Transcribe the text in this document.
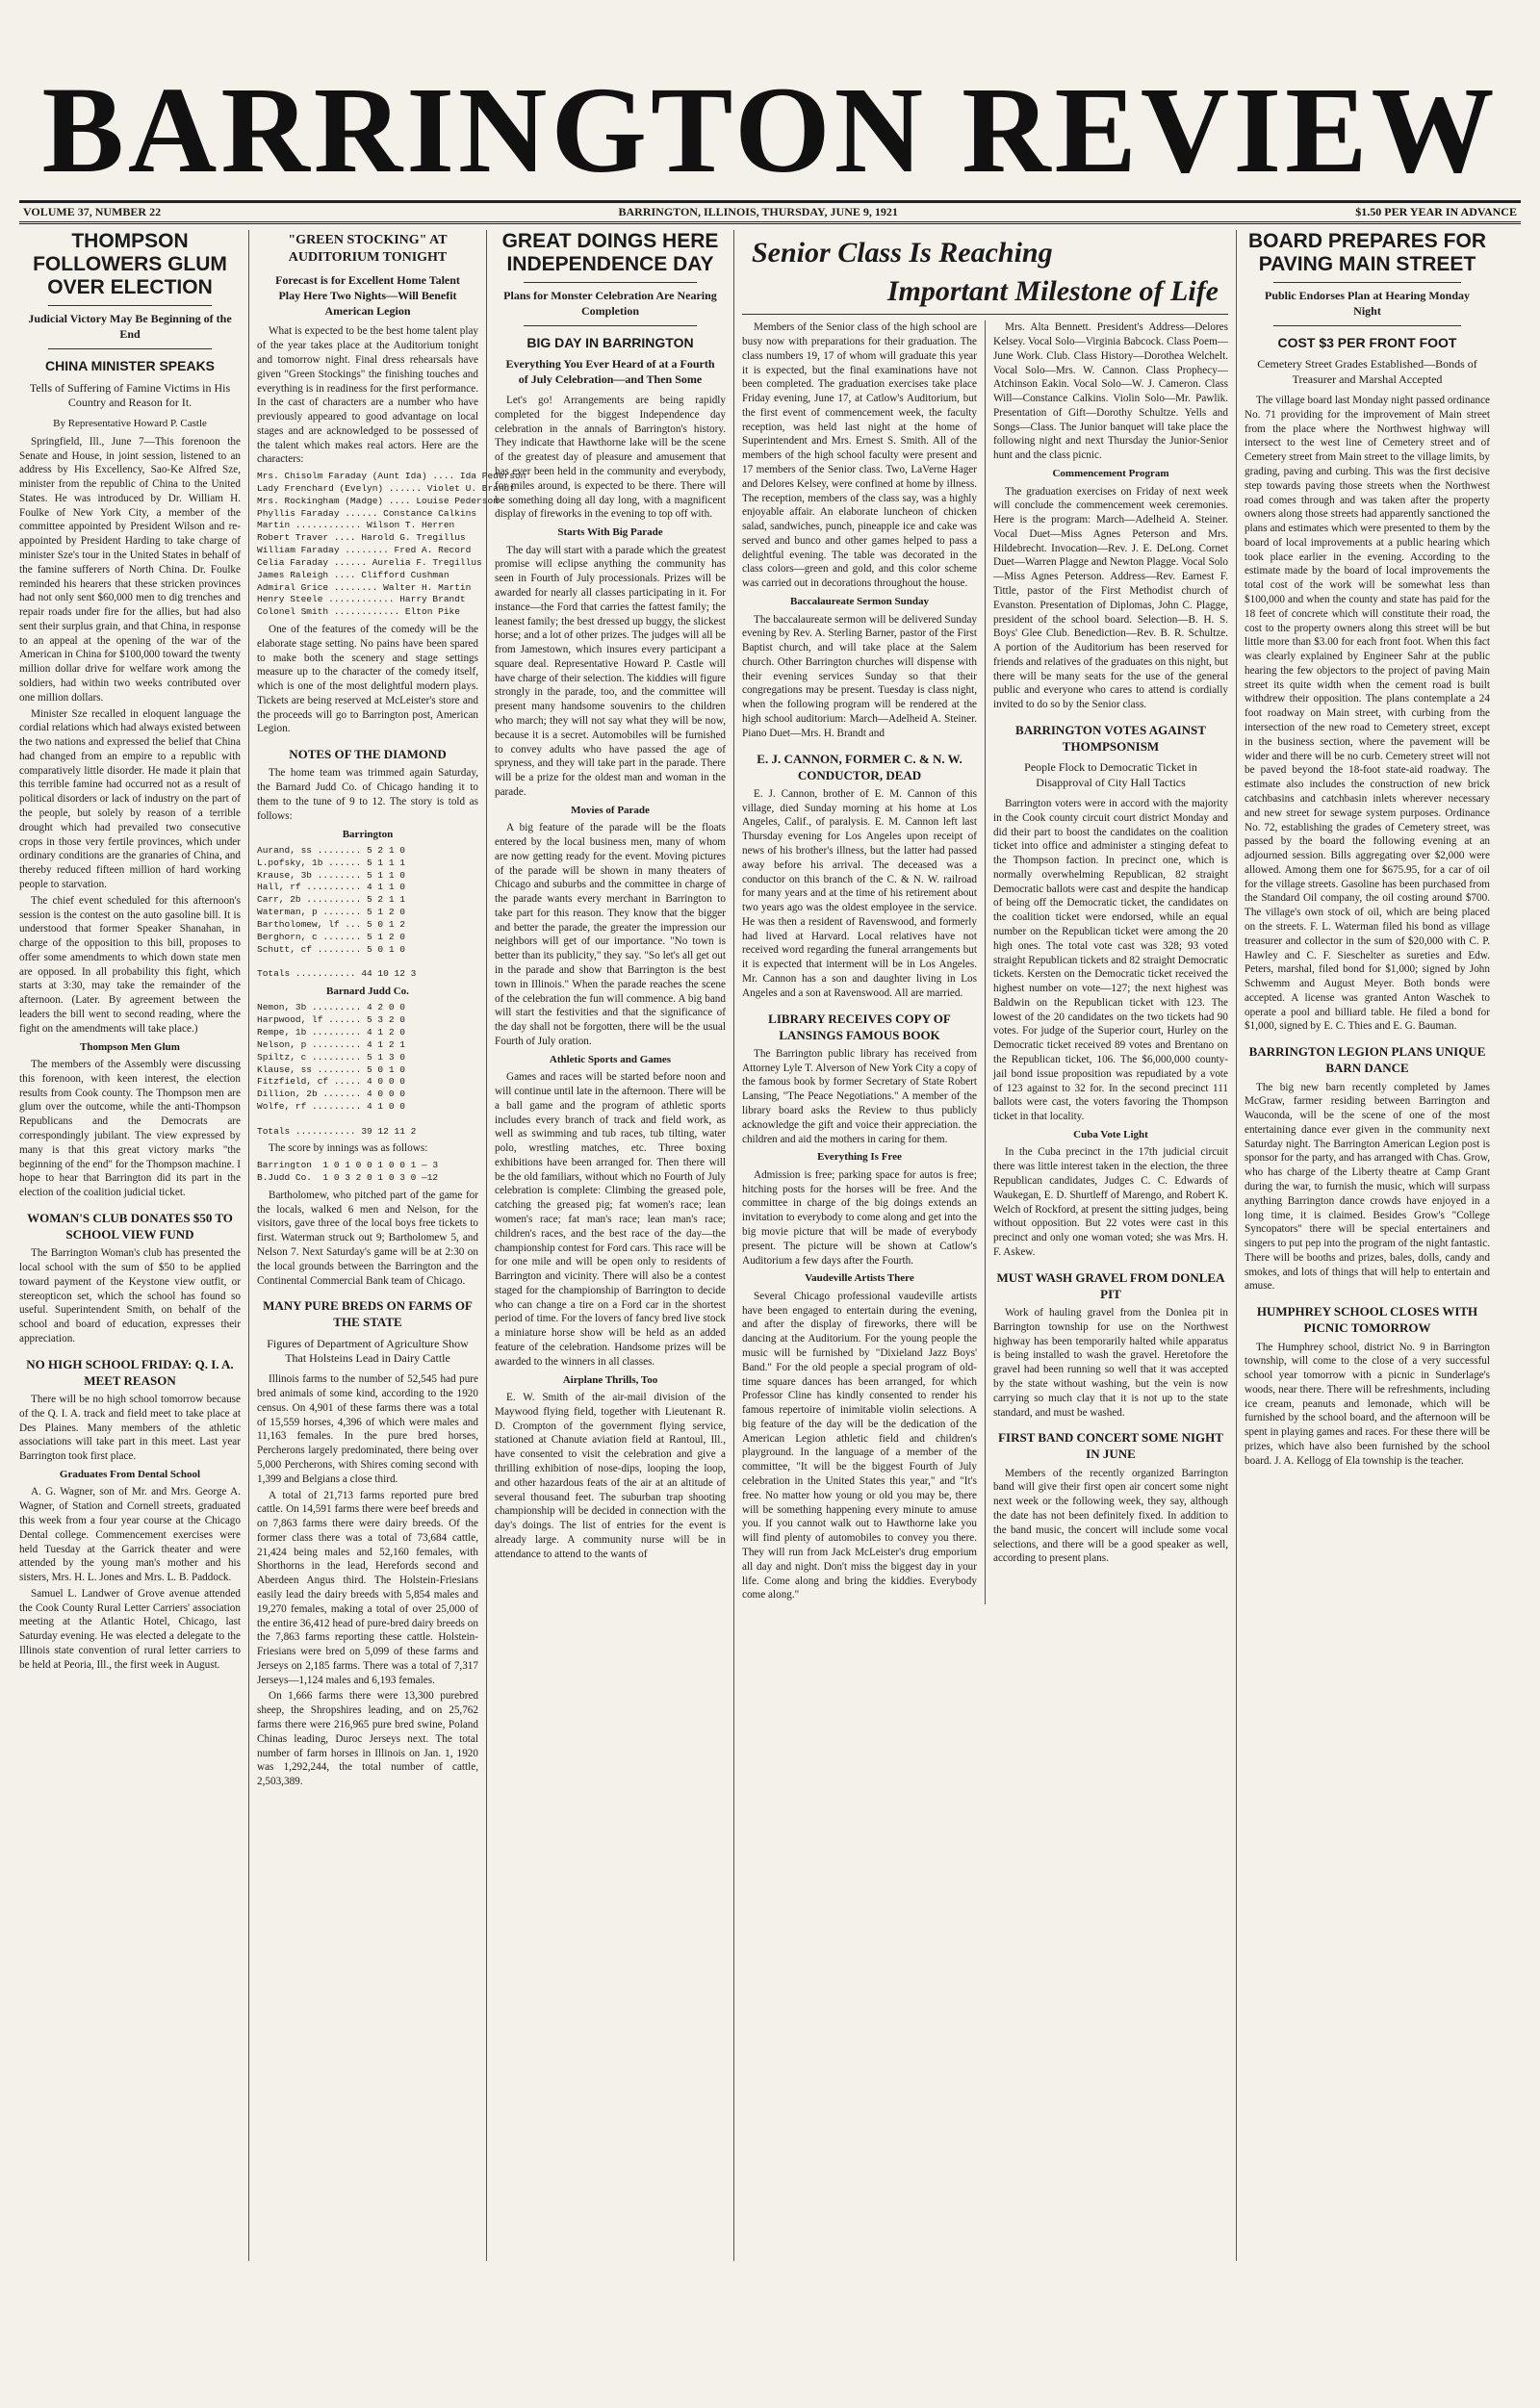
BARRINGTON REVIEW
VOLUME 37, NUMBER 22	BARRINGTON, ILLINOIS, THURSDAY, JUNE 9, 1921	$1.50 PER YEAR IN ADVANCE
THOMPSON FOLLOWERS GLUM OVER ELECTION
Judicial Victory May Be Beginning of the End
CHINA MINISTER SPEAKS
Tells of Suffering of Famine Victims in His Country and Reason for It.
By Representative Howard P. Castle

Springfield, Ill., June 7—This forenoon the Senate and House, in joint session, listened to an address by His Excellency, Sao-Ke Alfred Sze, minister from the republic of China to the United States. He was introduced by Dr. William H. Foulke of New York City, a member of the committee appointed by President Wilson and re-appointed by President Harding to take charge of minister Sze's tour in the United States in behalf of the famine sufferers of North China. Dr. Foulke reminded his hearers that these stricken provinces had not only sent $60,000 men to dig trenches and repair roads under fire for the allies, but had also sent their surplus grain, and that China, in response to an appeal at the opening of the war of the American in China for $100,000 toward the twenty million dollar drive for welfare work among the soldiers, had within two weeks contributed over one million dollars.

Minister Sze recalled in eloquent language the cordial relations which had always existed between the two nations and expressed the belief that China had changed from an empire to a republic with comparatively little disorder. He made it plain that this terrible famine had occurred not as a result of political disorders or lack of industry on the part of the people, but solely by reason of a terrible drought which had prevailed two consecutive crops in those very fertile provinces, which under ordinary conditions are the granaries of China, and thereby reduced fifteen million of hard working people to starvation.

The chief event scheduled for this afternoon's session is the contest on the auto gasoline bill. It is understood that former Speaker Shanahan, in charge of the opposition to this bill, proposes to offer some amendments to which down state men are opposed. In all probability this fight, which starts at 3:30, may take the remainder of the afternoon. (Later. By agreement between the leaders the bill went to second reading, where the fight on the amendments will take place.)

Thompson Men Glum

The members of the Assembly were discussing this forenoon, with keen interest, the election results from Cook county. The Thompson men are glum over the outcome, while the anti-Thompson Republicans and the Democrats are correspondingly jubilant. The view expressed by many is that this great victory marks "the beginning of the end" for the Thompson machine. I hope to hear that Barrington did its part in the election of the coalition judicial ticket.

WOMAN'S CLUB DONATES $50 TO SCHOOL VIEW FUND

The Barrington Woman's club has presented the local school with the sum of $50 to be applied toward payment of the Keystone view outfit, or stereopticon set, which the school has found so useful. Superintendent Smith, on behalf of the school and board of education, expresses their appreciation.

NO HIGH SCHOOL FRIDAY: Q. I. A. MEET REASON

There will be no high school tomorrow because of the Q. I. A. track and field meet to take place at Des Plaines. Many members of the athletic associations will take part in this meet. Last year Barrington took first place.

Graduates From Dental School

A. G. Wagner, son of Mr. and Mrs. George A. Wagner, of Station and Cornell streets, graduated this week from a four year course at the Chicago Dental college. Commencement exercises were held Tuesday at the Garrick theater and were attended by the young man's mother and his sisters, Mrs. H. L. Jones and Mrs. L. B. Paddock.

Samuel L. Landwer of Grove avenue attended the Cook County Rural Letter Carriers' association meeting at the Atlantic Hotel, Chicago, last Saturday evening. He was elected a delegate to the Illinois state convention of rural letter carriers to be held at Peoria, Ill., the first week in August.

"GREEN STOCKING" AT AUDITORIUM TONIGHT
Forecast is for Excellent Home Talent Play Here Two Nights—Will Benefit American Legion

What is expected to be the best home talent play of the year takes place at the Auditorium tonight and tomorrow night. Final dress rehearsals have given "Green Stockings" the finishing touches and everything is in readiness for the first performance. In the cast of characters are a number who have previously appeared to good advantage on local stages and are acknowledged to be possessed of the talent which makes real actors. Here are the characters:

Mrs. Chisolm Faraday (Aunt Ida) .... Ida Pederson
Lady Frenchard (Evelyn) ...... Violet U. Brandt
Mrs. Rockingham (Madge) .... Louise Pederson
Phyllis Faraday ...... Constance Calkins
Martin ............ Wilson T. Herren
Robert Traver .... Harold G. Tregillus
William Faraday ........ Fred A. Record
Celia Faraday ...... Aurelia F. Tregillus
James Raleigh .... Clifford Cushman
Admiral Grice ........ Walter H. Martin
Henry Steele ............ Harry Brandt
Colonel Smith ............ Elton Pike

One of the features of the comedy will be the elaborate stage setting. No pains have been spared to make both the scenery and stage settings measure up to the character of the comedy itself, which is one of the most delightful modern plays. Tickets are being reserved at McLeister's store and the proceeds will go to Barrington post, American Legion.

NOTES OF THE DIAMOND

The home team was trimmed again Saturday, the Barnard Judd Co. of Chicago handing it to them to the tune of 9 to 12. The story is told as follows:

Barrington

Aurand, ss ........ 5 2 1 0
L.pofsky, 1b ...... 5 1 1 1
Krause, 3b ........ 5 1 1 0
Hall, rf .......... 4 1 1 0
Carr, 2b .......... 5 2 1 1
Waterman, p ....... 5 1 2 0
Bartholomew, lf ... 5 0 1 2
Berghorn, c ....... 5 1 2 0
Schutt, cf ........ 5 0 1 0

Totals ........... 44 10 12 3

Barnard Judd Co.

Nemon, 3b ......... 4 2 0 0
Harpwood, lf ...... 5 3 2 0
Rempe, 1b ......... 4 1 2 0
Nelson, p ......... 4 1 2 1
Spiltz, c ......... 5 1 3 0
Klause, ss ........ 5 0 1 0
Fitzfield, cf ..... 4 0 0 0
Dillion, 2b ....... 4 0 0 0
Wolfe, rf ......... 4 1 0 0

Totals ........... 39 12 11 2

The score by innings was as follows:

Barrington  1 0 1 0 0 1 0 0 1 — 3
B.Judd Co.  1 0 3 2 0 1 0 3 0 —12

Bartholomew, who pitched part of the game for the locals, walked 6 men and Nelson, for the visitors, gave three of the local boys free tickets to first. Waterman struck out 9; Bartholomew 5, and Nelson 7. Next Saturday's game will be at 2:30 on the local grounds between the Barrington and the Continental Commercial Bank team of Chicago.

MANY PURE BREDS ON FARMS OF THE STATE
Figures of Department of Agriculture Show That Holsteins Lead in Dairy Cattle

Illinois farms to the number of 52,545 had pure bred animals of some kind, according to the 1920 census. On 4,901 of these farms there was a total of 15,559 horses, 4,396 of which were males and 11,163 females. In the pure bred horses, Percherons largely predominated, there being over 5,000 Percherons, with Shires coming second with 1,399 and Belgians a close third.

A total of 21,713 farms reported pure bred cattle. On 14,591 farms there were beef breeds and on 7,863 farms there were dairy breeds. Of the former class there was a total of 73,684 cattle, 21,424 being males and 52,160 females, with Shorthorns in the lead, Herefords second and Aberdeen Angus third. The Holstein-Friesians easily lead the dairy breeds with 5,854 males and 19,270 females, making a total of over 25,000 of the entire 36,412 head of pure-bred dairy breeds on the 7,863 farms reporting these cattle. Holstein-Friesians were bred on 5,099 of these farms and Jerseys on 2,185 farms. There was a total of 7,317 Jerseys—1,124 males and 6,193 females.

On 1,666 farms there were 13,300 purebred sheep, the Shropshires leading, and on 25,762 farms there were 216,965 pure bred swine, Poland Chinas leading, Duroc Jerseys next. The total number of farm horses in Illinois on Jan. 1, 1920 was 1,292,244, the total number of cattle, 2,503,389.

GREAT DOINGS HERE INDEPENDENCE DAY
Plans for Monster Celebration Are Nearing Completion
BIG DAY IN BARRINGTON
Everything You Ever Heard of at a Fourth of July Celebration—and Then Some

Let's go! Arrangements are being rapidly completed for the biggest Independence day celebration in the annals of Barrington's history. They indicate that Hawthorne lake will be the scene of the greatest day of pleasure and amusement that has ever been held in the community and everybody, for miles around, is expected to be there. There will be something doing all day long, with a magnificent display of fireworks in the evening to top off with.

Starts With Big Parade

The day will start with a parade which the greatest promise will eclipse anything the community has seen in Fourth of July processionals. Prizes will be awarded for nearly all classes participating in it. For instance—the Ford that carries the fattest family; the leanest family; the best dressed up buggy, the slickest horse; and a lot of other prizes. The judges will all be from Jamestown, which insures every participant a square deal. Representative Howard P. Castle will have charge of their selection. The kiddies will figure strongly in the parade, too, and the committee will present many handsome souvenirs to the children who march; they will not say what they will be now, because it is a secret. Automobiles will be furnished to convey adults who have passed the age of spryness, and they will take part in the parade. There will be a prize for the oldest man and woman in the parade.

Movies of Parade

A big feature of the parade will be the floats entered by the local business men, many of whom are now getting ready for the event. Moving pictures of the parade will be shown in many theaters of Chicago and suburbs and the committee in charge of the parade wants every merchant in Barrington to take part for this reason. They know that the bigger and better the parade, the greater the impression our neighbors will get of our importance. "No town is better than its publicity," they say. "So let's all get out in the parade and show that Barrington is the best town in Illinois." When the parade reaches the scene of the celebration the fun will commence. A big band will start the festivities and that the significance of the day shall not be forgotten, there will be the usual Fourth of July oration.

Athletic Sports and Games

Games and races will be started before noon and will continue until late in the afternoon. There will be a ball game and the program of athletic sports includes every branch of track and field work, as well as swimming and tub races, tub tilting, water polo, wrestling matches, etc. Three boxing exhibitions have been arranged for. Then there will be the old familiars, without which no Fourth of July celebration is complete: Climbing the greased pole, catching the greased pig; fat women's race; lean women's race; fat man's race; lean man's race; children's races, and the best race of the day—the championship contest for Ford cars. This race will be for one mile and will be open only to residents of Barrington and vicinity. There will also be a contest staged for the championship of Barrington to decide who can change a tire on a Ford car in the shortest period of time. For the lovers of fancy bred live stock a miniature horse show will be held as an added feature of the celebration. Handsome prizes will be awarded to the winners in all classes.

Airplane Thrills, Too

E. W. Smith of the air-mail division of the Maywood flying field, together with Lieutenant R. D. Crompton of the government flying service, stationed at Chanute aviation field at Rantoul, Ill., have consented to visit the celebration and give a thrilling exhibition of nose-dips, looping the loop, and other hazardous feats of the air at an altitude of several thousand feet. The suburban trap shooting championship will be decided in connection with the day's doings. The list of entries for the event is already large. A community nurse will be in attendance to attend to the wants of

Senior Class Is Reaching
Important Milestone of Life

Members of the Senior class of the high school are busy now with preparations for their graduation. The class numbers 19, 17 of whom will graduate this year it is expected, but the final examinations have not been completed. The graduation exercises take place Friday evening, June 17, at Catlow's Auditorium, but the first event of commencement week, the faculty reception, was held last night at the home of Superintendent and Mrs. Ernest S. Smith. All of the members of the high school faculty were present and 17 members of the Senior class. Two, LaVerne Hager and Delores Kelsey, were confined at home by illness. The reception, members of the class say, was a highly enjoyable affair. An elaborate luncheon of chicken salad, sandwiches, punch, pineapple ice and cake was served and bunco and other games helped to pass a delightful evening. The table was decorated in the class colors—green and gold, and this color scheme was carried out in decorations throughout the house.

Baccalaureate Sermon Sunday

The baccalaureate sermon will be delivered Sunday evening by Rev. A. Sterling Barner, pastor of the First Baptist church, and will take place at the Salem church. Other Barrington churches will dispense with their evening services Sunday so that their congregations may be present. Tuesday is class night, when the following program will be rendered at the high school auditorium: March—Adelheid A. Steiner. Piano Duet—Mrs. H. Brandt and

E. J. CANNON, FORMER C. & N. W. CONDUCTOR, DEAD

E. J. Cannon, brother of E. M. Cannon of this village, died Sunday morning at his home at Los Angeles, Calif., of paralysis. E. M. Cannon left last Thursday evening for Los Angeles upon receipt of news of his brother's illness, but the latter had passed away before his arrival. The deceased was a conductor on this branch of the C. & N. W. railroad for many years and at the time of his retirement about two years ago was the oldest employee in the service. He was then a resident of Ravenswood, and formerly had lived at Harvard. Local relatives have not received word regarding the funeral arrangements but it is expected that interment will be in Los Angeles. Mr. Cannon has a son and daughter living in Los Angeles and a son at Ravenswood. All are married.

LIBRARY RECEIVES COPY OF LANSINGS FAMOUS BOOK

The Barrington public library has received from Attorney Lyle T. Alverson of New York City a copy of the famous book by former Secretary of State Robert Lansing, "The Peace Negotiations." A member of the library board asks the Review to thus publicly acknowledge the gift and voice their appreciation. the children and aid the mothers in caring for them.

Everything Is Free

Admission is free; parking space for autos is free; hitching posts for the horses will be free. And the committee in charge of the big doings extends an invitation to everybody to come along and get into the big movie picture that will be made of everybody present. The picture will be shown at Catlow's Auditorium a few days after the Fourth.

Vaudeville Artists There

Several Chicago professional vaudeville artists have been engaged to entertain during the evening, and after the display of fireworks, there will be dancing at the Auditorium. For the young people the music will be furnished by "Dixieland Jazz Boys' Band." For the old people a special program of old-time square dances has been arranged, for which Professor Cline has kindly consented to render his famous repertoire of inimitable violin selections. A big feature of the day will be the dedication of the American Legion athletic field and children's playground. In the language of a member of the committee, "It will be the biggest Fourth of July celebration in the United States this year," and "It's free. No matter how young or old you may be, there will be something happening every minute to amuse you. If you cannot walk out to Hawthorne lake you will find plenty of automobiles to convey you there. They will run from Jack McLeister's drug emporium all day and night. Don't miss the biggest day in your life. Come along and bring the kiddies. Everybody come along."

Mrs. Alta Bennett. President's Address—Delores Kelsey. Vocal Solo—Virginia Babcock. Class Poem—June Work. Club. Class History—Dorothea Welchelt. Vocal Solo—Mrs. W. Cannon. Class Prophecy—Atchinson Eakin. Vocal Solo—W. J. Cameron. Class Will—Constance Calkins. Violin Solo—Mr. Pawlik. Presentation of Gift—Dorothy Schultze. Yells and Songs—Class. The Junior banquet will take place the following night and next Thursday the Junior-Senior hunt and the class picnic.

Commencement Program

The graduation exercises on Friday of next week will conclude the commencement week ceremonies. Here is the program: March—Adelheid A. Steiner. Vocal Duet—Miss Agnes Peterson and Mrs. Hildebrecht. Invocation—Rev. J. E. DeLong. Cornet Duet—Warren Plagge and Newton Plagge. Vocal Solo—Miss Agnes Peterson. Address—Rev. Earnest F. Tittle, pastor of the First Methodist church of Evanston. Presentation of Diplomas, John C. Plagge, president of the school board. Selection—B. H. S. Boys' Glee Club. Benediction—Rev. B. R. Schultze. A portion of the Auditorium has been reserved for friends and relatives of the graduates on this night, but there will be many seats for the use of the general public and everyone who cares to attend is cordially invited to do so by the Senior class.

BARRINGTON VOTES AGAINST THOMPSONISM
People Flock to Democratic Ticket in Disapproval of City Hall Tactics

Barrington voters were in accord with the majority in the Cook county circuit court district Monday and did their part to boost the candidates on the coalition ticket into office and administer a stinging defeat to the Thompson faction. In precinct one, which is normally overwhelming Republican, 82 straight Democratic ballots were cast and despite the handicap of being off the Democratic ticket, the candidates on the coalition ticket were endorsed, while an equal number on the Republican ticket were among the 20 high ones. The total vote cast was 328; 93 voted straight Republican tickets and 82 straight Democratic tickets. Kersten on the Democratic ticket received the highest number on vote—127; the next highest was Baldwin on the Republican ticket with 123. The lowest of the 20 candidates on the two tickets had 90 votes. For judge of the Superior court, Hurley on the Democratic ticket received 89 votes and Brentano on the Republican ticket, 106. The $6,000,000 county-jail bond issue proposition was repudiated by a vote of 123 against to 32 for. In the second precinct 111 ballots were cast, the voters favoring the Thompson ticket in that locality.

Cuba Vote Light

In the Cuba precinct in the 17th judicial circuit there was little interest taken in the election, the three Republican candidates, Judges C. C. Edwards of Waukegan, E. D. Shurtleff of Marengo, and Robert K. Welch of Rockford, at present the sitting judges, being without opposition. But 22 votes were cast in this precinct and only one woman voted; she was Mrs. H. F. Askew.

MUST WASH GRAVEL FROM DONLEA PIT

Work of hauling gravel from the Donlea pit in Barrington township for use on the Northwest highway has been temporarily halted while apparatus is being installed to wash the gravel. Heretofore the gravel had been running so well that it was accepted by the state without washing, but the vein is now carrying so much clay that it is not up to the state standard, and must be washed.

FIRST BAND CONCERT SOME NIGHT IN JUNE

Members of the recently organized Barrington band will give their first open air concert some night next week or the following week, they say, although the date has not been definitely fixed. In addition to the band music, the concert will include some vocal selections, and there will be a good speaker as well, according to present plans.

BOARD PREPARES FOR PAVING MAIN STREET
Public Endorses Plan at Hearing Monday Night
COST $3 PER FRONT FOOT
Cemetery Street Grades Established—Bonds of Treasurer and Marshal Accepted

The village board last Monday night passed ordinance No. 71 providing for the improvement of Main street from the place where the Northwest highway will intersect to the west line of Cemetery street and of Cemetery street from Main street to the village limits, by grading, paving and curbing. This was the first decisive step towards paving those streets when the Northwest road comes through and was taken after the property owners along those streets had apparently sanctioned the plans and estimates which were presented to them by the board of local improvements at a public hearing which took place earlier in the evening. According to the estimate made by the board of local improvements the total cost of the work will be somewhat less than $100,000 and when the county and state has paid for the 18 feet of concrete which will constitute their road, the cost to the property owners along this street will be but little more than $3.00 for each front foot. When this fact was clearly explained by Engineer Sahr at the public hearing the few objectors to the project of paving Main street its quite width when the cement road is built withdrew their opposition. The plans contemplate a 24 foot roadway on Main street, with curbing from the intersection of the new road to Cemetery street, except in the business section, where the pavement will be wider and there will be no curb. Cemetery street will not be paved beyond the 18-foot state-aid roadway. The estimate also includes the construction of new brick catchbasins and catchbasin inlets wherever necessary and new street for sewage system purposes. Ordinance No. 72, establishing the grades of Cemetery street, was passed by the board the following evening at an adjourned session. Bills aggregating over $2,000 were allowed. Among them one for $675.95, for a car of oil for the village streets. Gasoline has been purchased from the Standard Oil company, the oil costing around $700. The village's own stock of oil, which are being placed on the streets. F. L. Waterman filed his bond as village treasurer and collector in the sum of $20,000 with C. P. Hawley and C. F. Sieschelter as sureties and Edw. Peters, marshal, filed bond for $1,000; signed by John Schwemm and August Meyer. Both bonds were accepted. A license was granted Anton Waschek to operate a pool and billiard table. He filed a bond for $1,000, signed by E. C. Thies and E. G. Bauman.

BARRINGTON LEGION PLANS UNIQUE BARN DANCE

The big new barn recently completed by James McGraw, farmer residing between Barrington and Wauconda, will be the scene of one of the most entertaining dance ever given in the community next Saturday night. The Barrington American Legion post is sponsor for the party, and has arranged with Chas. Grow, who has charge of the Liberty theatre at Camp Grant during the war, to furnish the music, which will surpass anything Barrington dance crowds have enjoyed in a long time, it is claimed. Besides Grow's "College Syncopators" there will be special entertainers and singers to put pep into the program of the night fantastic. There will be booths and prizes, bales, dolls, candy and smokes, and lots of things that will help to entertain and amuse.

HUMPHREY SCHOOL CLOSES WITH PICNIC TOMORROW

The Humphrey school, district No. 9 in Barrington township, will come to the close of a very successful school year tomorrow with a picnic in Sunderlage's woods, near there. There will be refreshments, including ice cream, peanuts and lemonade, which will be furnished by the school board, and the afternoon will be spent in playing games and races. For these there will be prizes, which have also been furnished by the school board. J. A. Kellogg of Ela township is the teacher.
